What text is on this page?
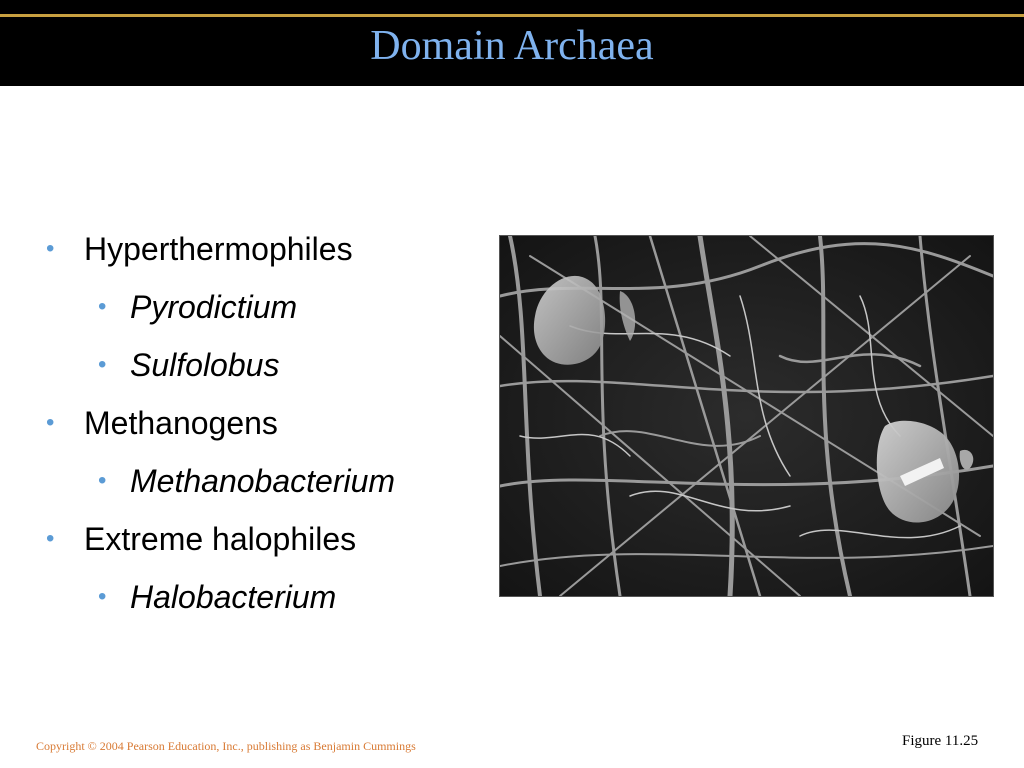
Domain Archaea
• Hyperthermophiles
• Pyrodictium
• Sulfolobus
• Methanogens
• Methanobacterium
• Extreme halophiles
• Halobacterium
Copyright © 2004 Pearson Education, Inc., publishing as Benjamin Cummings	Figure 11.25
